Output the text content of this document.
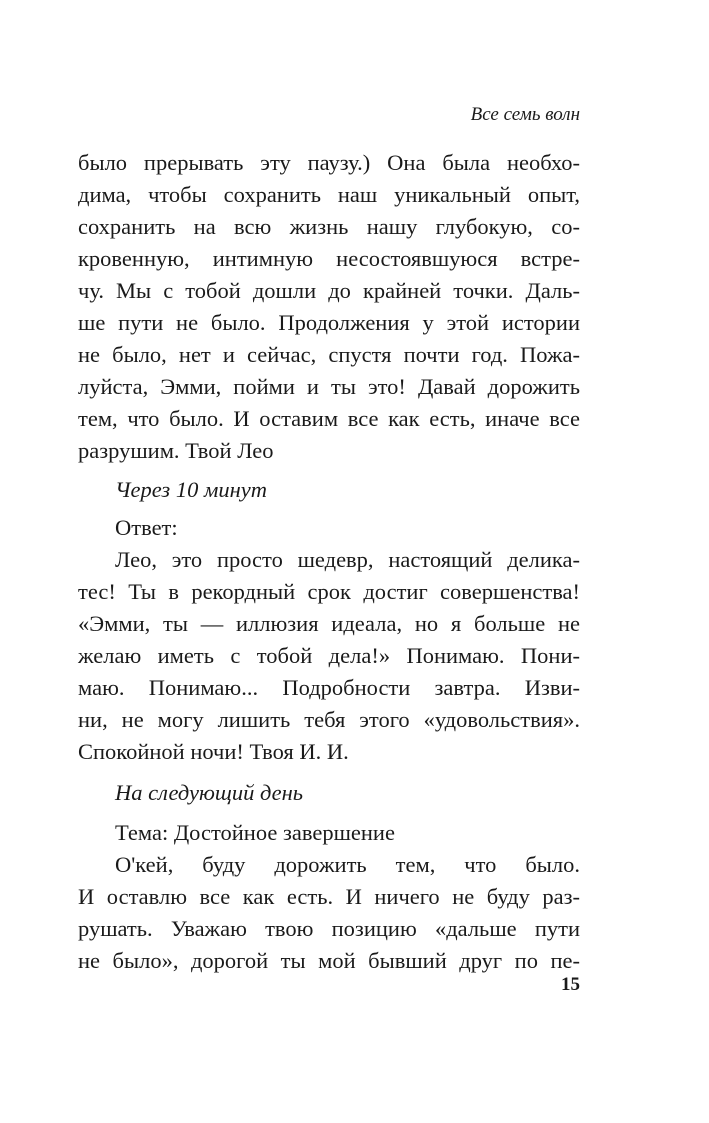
Все семь волн
было прерывать эту паузу.) Она была необхо-
дима, чтобы сохранить наш уникальный опыт,
сохранить на всю жизнь нашу глубокую, со-
кровенную, интимную несостоявшуюся встре-
чу. Мы с тобой дошли до крайней точки. Даль-
ше пути не было. Продолжения у этой истории
не было, нет и сейчас, спустя почти год. Пожа-
луйста, Эмми, пойми и ты это! Давай дорожить
тем, что было. И оставим все как есть, иначе все
разрушим. Твой Лео
Через 10 минут
Ответ:
Лео, это просто шедевр, настоящий делика-
тес! Ты в рекордный срок достиг совершенства!
«Эмми, ты — иллюзия идеала, но я больше не
желаю иметь с тобой дела!» Понимаю. Пони-
маю. Понимаю... Подробности завтра. Изви-
ни, не могу лишить тебя этого «удовольствия».
Спокойной ночи! Твоя И. И.
На следующий день
Тема: Достойное завершение
О'кей, буду дорожить тем, что было.
И оставлю все как есть. И ничего не буду раз-
рушать. Уважаю твою позицию «дальше пути
не было», дорогой ты мой бывший друг по пе-
15
